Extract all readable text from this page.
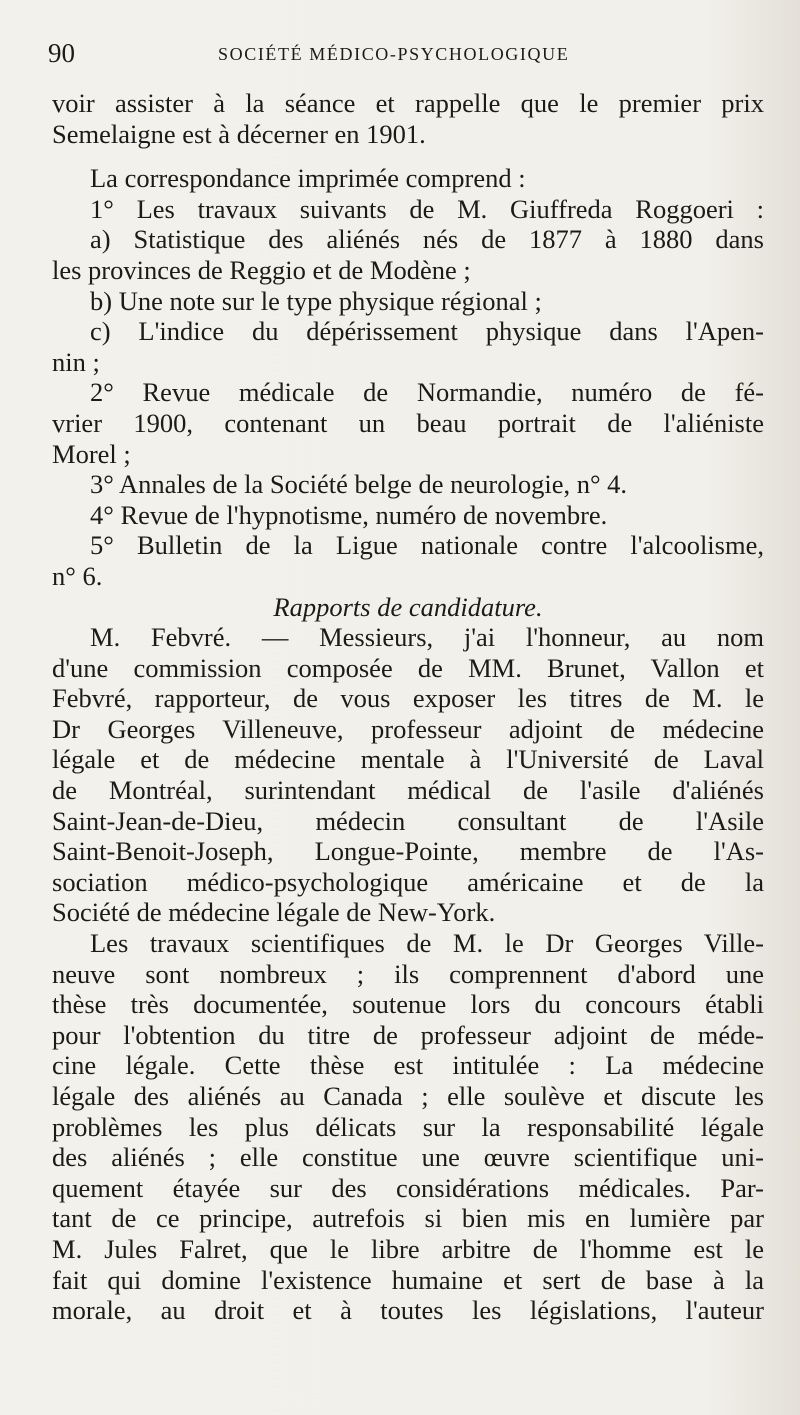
90	SOCIÉTÉ MÉDICO-PSYCHOLOGIQUE
voir assister à la séance et rappelle que le premier prix
Semelaigne est à décerner en 1901.
La correspondance imprimée comprend :
1° Les travaux suivants de M. Giuffreda Roggoeri :
a) Statistique des aliénés nés de 1877 à 1880 dans
les provinces de Reggio et de Modène ;
b) Une note sur le type physique régional ;
c) L'indice du dépérissement physique dans l'Apen-
nin ;
2° Revue médicale de Normandie, numéro de fé-
vrier 1900, contenant un beau portrait de l'aliéniste
Morel ;
3° Annales de la Société belge de neurologie, n° 4.
4° Revue de l'hypnotisme, numéro de novembre.
5° Bulletin de la Ligue nationale contre l'alcoolisme,
n° 6.
Rapports de candidature.
M. Febvré. — Messieurs, j'ai l'honneur, au nom
d'une commission composée de MM. Brunet, Vallon et
Febvré, rapporteur, de vous exposer les titres de M. le
Dr Georges Villeneuve, professeur adjoint de médecine
légale et de médecine mentale à l'Université de Laval
de Montréal, surintendant médical de l'asile d'aliénés
Saint-Jean-de-Dieu, médecin consultant de l'Asile
Saint-Benoit-Joseph, Longue-Pointe, membre de l'As-
sociation médico-psychologique américaine et de la
Société de médecine légale de New-York.
Les travaux scientifiques de M. le Dr Georges Ville-
neuve sont nombreux ; ils comprennent d'abord une
thèse très documentée, soutenue lors du concours établi
pour l'obtention du titre de professeur adjoint de méde-
cine légale. Cette thèse est intitulée : La médecine
légale des aliénés au Canada ; elle soulève et discute les
problèmes les plus délicats sur la responsabilité légale
des aliénés ; elle constitue une œuvre scientifique uni-
quement étayée sur des considérations médicales. Par-
tant de ce principe, autrefois si bien mis en lumière par
M. Jules Falret, que le libre arbitre de l'homme est le
fait qui domine l'existence humaine et sert de base à la
morale, au droit et à toutes les législations, l'auteur
